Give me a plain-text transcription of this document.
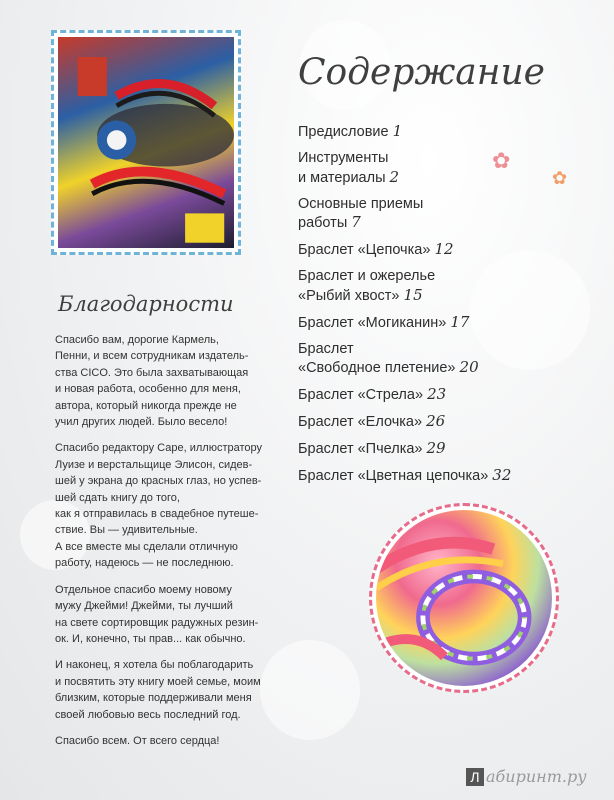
Благодарности

Спасибо вам, дорогие Кармель,
Пенни, и всем сотрудникам издатель-
ства CICO. Это была захватывающая
и новая работа, особенно для меня,
автора, который никогда прежде не
учил других людей. Было весело!

Спасибо редактору Саре, иллюстратору
Луизе и верстальщице Элисон, сидев-
шей у экрана до красных глаз, но успев-
шей сдать книгу до того,
как я отправилась в свадебное путеше-
ствие. Вы — удивительные.
А все вместе мы сделали отличную
работу, надеюсь — не последнюю.

Отдельное спасибо моему новому
мужу Джейми! Джейми, ты лучший
на свете сортировщик радужных резин-
ок. И, конечно, ты прав... как обычно.

И наконец, я хотела бы поблагодарить
и посвятить эту книгу моей семье, моим
близким, которые поддерживали меня
своей любовью весь последний год.

Спасибо всем. От всего сердца!

Содержание
Предисловие 1
Инструменты
и материалы 2
Основные приемы
работы 7
Браслет «Цепочка» 12
Браслет и ожерелье
«Рыбий хвост» 15
Браслет «Могиканин» 17
Браслет
«Свободное плетение» 20
Браслет «Стрела» 23
Браслет «Елочка» 26
Браслет «Пчелка» 29
Браслет «Цветная цепочка» 32
✿
✿
Л абиринт.ру
